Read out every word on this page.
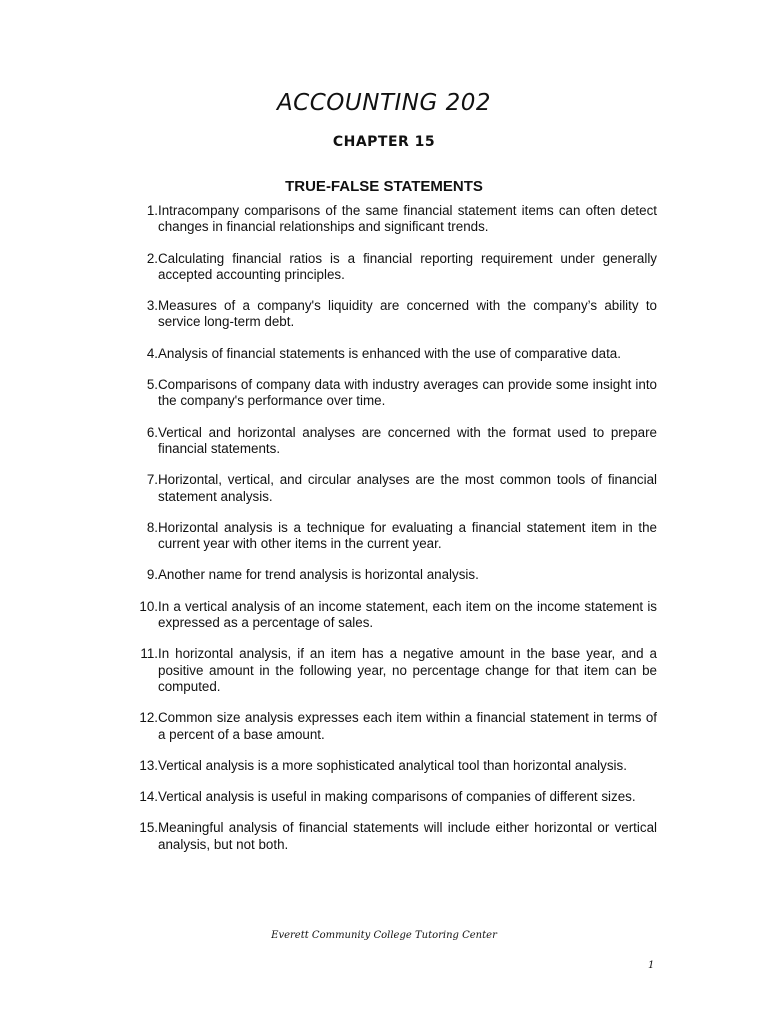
ACCOUNTING 202
CHAPTER 15
TRUE-FALSE STATEMENTS
1. Intracompany comparisons of the same financial statement items can often detect changes in financial relationships and significant trends.
2. Calculating financial ratios is a financial reporting requirement under generally accepted accounting principles.
3. Measures of a company's liquidity are concerned with the company’s ability to service long-term debt.
4. Analysis of financial statements is enhanced with the use of comparative data.
5. Comparisons of company data with industry averages can provide some insight into the company's performance over time.
6. Vertical and horizontal analyses are concerned with the format used to prepare financial statements.
7. Horizontal, vertical, and circular analyses are the most common tools of financial statement analysis.
8. Horizontal analysis is a technique for evaluating a financial statement item in the current year with other items in the current year.
9. Another name for trend analysis is horizontal analysis.
10. In a vertical analysis of an income statement, each item on the income statement is expressed as a percentage of sales.
11. In horizontal analysis, if an item has a negative amount in the base year, and a positive amount in the following year, no percentage change for that item can be computed.
12. Common size analysis expresses each item within a financial statement in terms of a percent of a base amount.
13. Vertical analysis is a more sophisticated analytical tool than horizontal analysis.
14. Vertical analysis is useful in making comparisons of companies of different sizes.
15. Meaningful analysis of financial statements will include either horizontal or vertical analysis, but not both.
Everett Community College Tutoring Center
1
